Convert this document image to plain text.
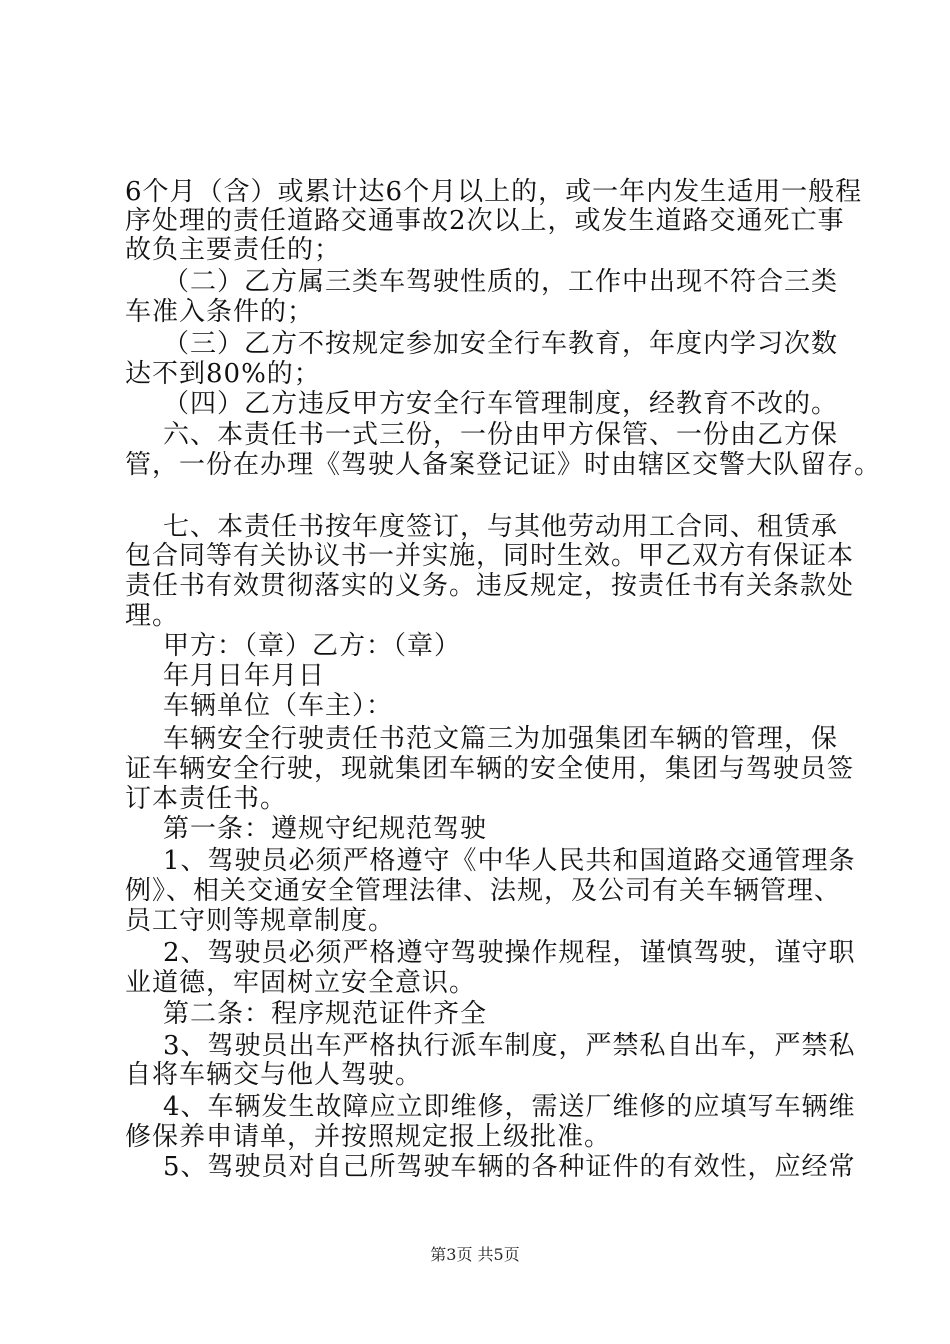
6个月（含）或累计达6个月以上的，或一年内发生适用一般程
序处理的责任道路交通事故2次以上，或发生道路交通死亡事
故负主要责任的；
（二）乙方属三类车驾驶性质的，工作中出现不符合三类
车准入条件的；
（三）乙方不按规定参加安全行车教育，年度内学习次数
达不到80%的；
（四）乙方违反甲方安全行车管理制度，经教育不改的。
六、本责任书一式三份，一份由甲方保管、一份由乙方保
管，一份在办理《驾驶人备案登记证》时由辖区交警大队留存。
七、本责任书按年度签订，与其他劳动用工合同、租赁承
包合同等有关协议书一并实施，同时生效。甲乙双方有保证本
责任书有效贯彻落实的义务。违反规定，按责任书有关条款处
理。
甲方：（章）乙方：（章）
年月日年月日
车辆单位（车主）：
车辆安全行驶责任书范文篇三为加强集团车辆的管理，保
证车辆安全行驶，现就集团车辆的安全使用，集团与驾驶员签
订本责任书。
第一条：遵规守纪规范驾驶
1、驾驶员必须严格遵守《中华人民共和国道路交通管理条
例》、相关交通安全管理法律、法规，及公司有关车辆管理、
员工守则等规章制度。
2、驾驶员必须严格遵守驾驶操作规程，谨慎驾驶，谨守职
业道德，牢固树立安全意识。
第二条：程序规范证件齐全
3、驾驶员出车严格执行派车制度，严禁私自出车，严禁私
自将车辆交与他人驾驶。
4、车辆发生故障应立即维修，需送厂维修的应填写车辆维
修保养申请单，并按照规定报上级批准。
5、驾驶员对自己所驾驶车辆的各种证件的有效性，应经常
第3页 共5页
